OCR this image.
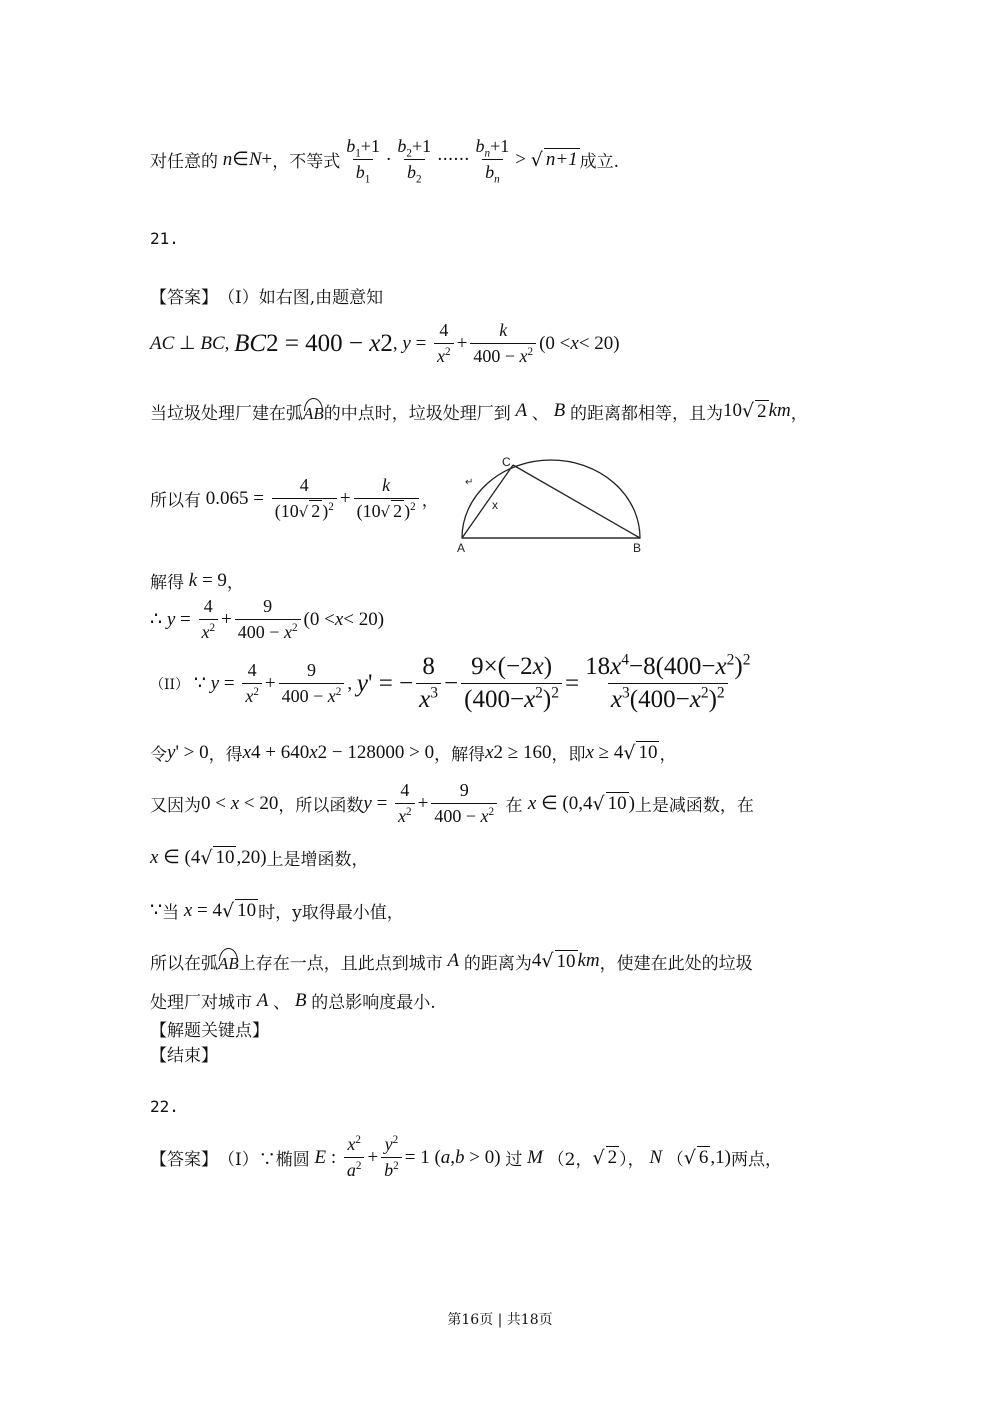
对任意的 n ∈ N + ，不等式 $\frac{b_1+1}{b_1} \cdot \frac{b_2+1}{b_2}$ ······ $\frac{b_n+1}{b_n}$ > √ n+1 成立.
21.
【答案】 （I）如右图,由题意知
AC ⊥ BC , BC 2 = 400 − x 2 , $y = \frac{4}{x^2} + \frac{k}{400 - x^2} (0 < x < 20)$
当垃圾处理厂建在弧 AB 的中点时，垃圾处理厂到 A 、 B 的距离都相等，且为 10 √ 2 km ，
所以有 $0.065 = \frac{4}{(10√ 2 )^2} + \frac{k}{(10√ 2 )^2}$ ，
C
x
A	B
↵
解得 k = 9 ，
∴ $y = \frac{4}{x^2} + \frac{9}{400 - x^2} (0 < x < 20)$
（II） ∵ $y = \frac{4}{x^2} + \frac{9}{400 - x^2}$ , y ' = − $\frac{8}{x^3} - \frac{9\times(-2x)}{(400-x^2)^2} = \frac{18x^4-8(400-x^2)^2}{x^3(400-x^2)^2}$
令 y ' > 0 ，得 x 4 + 640 x 2 − 128000 > 0 ，解得 x 2 ≥ 160 ，即 x ≥ 4 √ 10 ，
又因为 0 < x < 20 ，所以函数 $y = \frac{4}{x^2} + \frac{9}{400 - x^2}$ 在 x ∈ (0,4 √ 10 ) 上是减函数，在
x ∈ (4 √ 10 ,20) 上是增函数，
∵ 当 x = 4 √ 10 时，y取得最小值，
所以在弧 AB 上存在一点，且此点到城市 A 的距离为 4 √ 10 km ，使建在此处的垃圾
处理厂对城市 A 、 B 的总影响度最小.
【解题关键点】
【结束】
22.
【答案】 （I）∵椭圆 E : $\frac{x^2}{a^2} + \frac{y^2}{b^2} = 1$ ( a , b > 0) 过 M （2， √ 2 ）， N （ √ 6 ,1) 两点，
第16页 | 共18页
